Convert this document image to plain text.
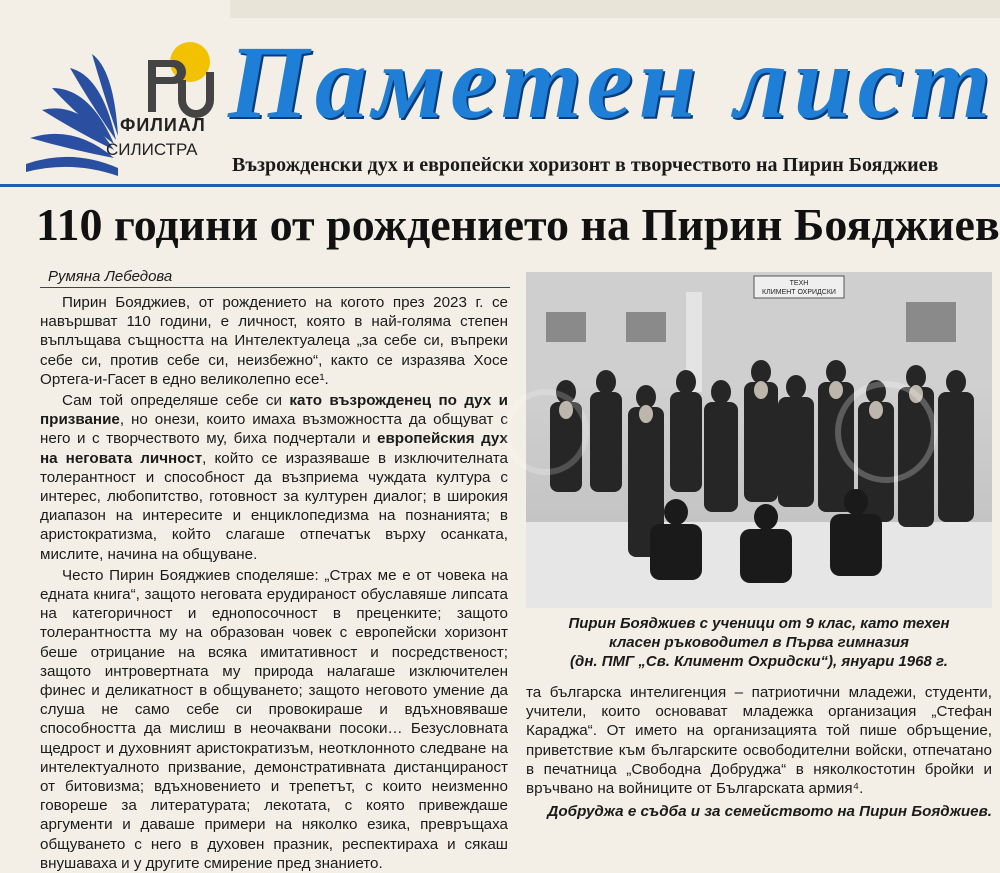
ФИЛИАЛ
СИЛИСТРА
Паметен лист
Възрожденски дух и европейски хоризонт в творчеството на Пирин Бояджиев
110 години от рождението на Пирин Бояджиев
Румяна Лебедова

Пирин Бояджиев, от рождението на когото през 2023 г. се навършват 110 години, е личност, която в най-голяма степен въплъщава същността на Интелектуалеца „за себе си, въпреки себе си, против себе си, неизбежно“, както се изразява Хосе Ортега-и-Гасет в едно великолепно есе¹.

Сам той определяше себе си като възрожденец по дух и призвание, но онези, които имаха възможността да общуват с него и с творчеството му, биха подчертали и европейския дух на неговата личност, който се изразяваше в изключителната толерантност и способност да възприема чуждата култура с интерес, любопитство, готовност за културен диалог; в широкия диапазон на интересите и енциклопедизма на познанията; в аристократизма, който слагаше отпечатък върху осанката, мислите, начина на общуване.

Често Пирин Бояджиев споделяше: „Страх ме е от човека на едната книга“, защото неговата ерудираност обуславяше липсата на категоричност и еднопосочност в преценките; защото толерантността му на образован човек с европейски хоризонт беше отрицание на всяка имитативност и посредственост; защото интровертната му природа налагаше изключителен финес и деликатност в общуването; защото неговото умение да слуша не само себе си провокираше и вдъхновяваше способността да мислиш в неочаквани посоки… Безусловната щедрост и духовният аристократизъм, неотклонното следване на интелектуалното призвание, демонстративната дистанцираност от битовизма; вдъхновението и трепетът, с които неизменно говореше за литературата; лекотата, с която привеждаше аргументи и даваше примери на няколко езика, превръщаха общуването с него в духовен празник, респектираха и сякаш внушаваха и у другите смирение пред знанието.

ТЕХН
КЛИМЕНТ ОХРИДСКИ
Пирин Бояджиев с ученици от 9 клас, като техен
класен ръководител в Първа гимназия
(дн. ПМГ „Св. Климент Охридски“), януари 1968 г.

та българска интелигенция – патриотични младежи, студенти, учители, които основават младежка организация „Стефан Караджа“. От името на организацията той пише обръщение, приветствие към българските освободителни войски, отпечатано в печатница „Свободна Добруджа“ в няколкостотин бройки и връчвано на войниците от Българската армия⁴.

Добруджа е съдба и за семейството на Пирин Бояджиев.
